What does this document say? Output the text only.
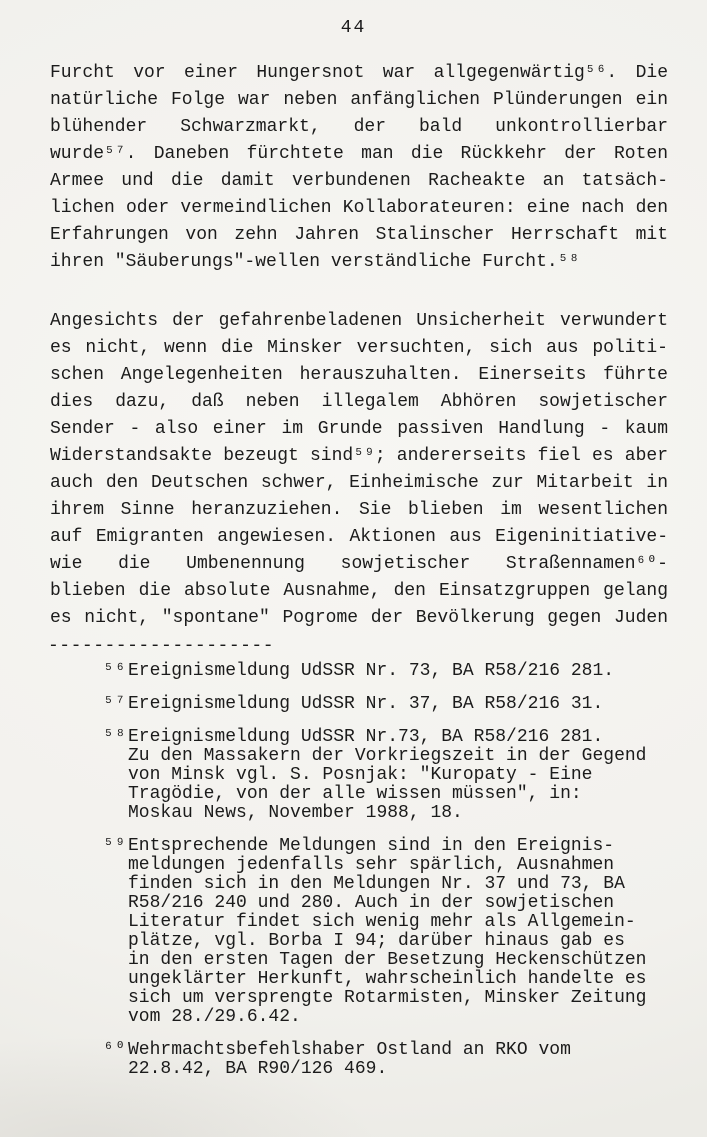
44
Furcht vor einer Hungersnot war allgegenwärtig⁵⁶. Die
natürliche Folge war neben anfänglichen Plünderungen ein
blühender Schwarzmarkt, der bald unkontrollierbar
wurde⁵⁷. Daneben fürchtete man die Rückkehr der Roten
Armee und die damit verbundenen Racheakte an tatsäch-
lichen oder vermeindlichen Kollaborateuren: eine nach den
Erfahrungen von zehn Jahren Stalinscher Herrschaft mit
ihren "Säuberungs"-wellen verständliche Furcht.⁵⁸
Angesichts der gefahrenbeladenen Unsicherheit verwundert
es nicht, wenn die Minsker versuchten, sich aus politi-
schen Angelegenheiten herauszuhalten. Einerseits führte
dies dazu, daß neben illegalem Abhören sowjetischer
Sender - also einer im Grunde passiven Handlung - kaum
Widerstandsakte bezeugt sind⁵⁹; andererseits fiel es aber
auch den Deutschen schwer, Einheimische zur Mitarbeit in
ihrem Sinne heranzuziehen. Sie blieben im wesentlichen
auf Emigranten angewiesen. Aktionen aus Eigeninitiative-
wie die Umbenennung sowjetischer Straßennamen⁶⁰-
blieben die absolute Ausnahme, den Einsatzgruppen gelang
es nicht, "spontane" Pogrome der Bevölkerung gegen Juden
--------------------
⁵⁶ Ereignismeldung UdSSR Nr. 73, BA R58/216 281.
⁵⁷ Ereignismeldung UdSSR Nr. 37, BA R58/216 31.
⁵⁸ Ereignismeldung UdSSR Nr.73, BA R58/216 281.
Zu den Massakern der Vorkriegszeit in der Gegend
von Minsk vgl. S. Posnjak: "Kuropaty - Eine
Tragödie, von der alle wissen müssen", in:
Moskau News, November 1988, 18.
⁵⁹ Entsprechende Meldungen sind in den Ereignis-
meldungen jedenfalls sehr spärlich, Ausnahmen
finden sich in den Meldungen Nr. 37 und 73, BA
R58/216 240 und 280. Auch in der sowjetischen
Literatur findet sich wenig mehr als Allgemein-
plätze, vgl. Borba I 94; darüber hinaus gab es
in den ersten Tagen der Besetzung Heckenschützen
ungeklärter Herkunft, wahrscheinlich handelte es
sich um versprengte Rotarmisten, Minsker Zeitung
vom 28./29.6.42.
⁶⁰ Wehrmachtsbefehlshaber Ostland an RKO vom
22.8.42, BA R90/126 469.
